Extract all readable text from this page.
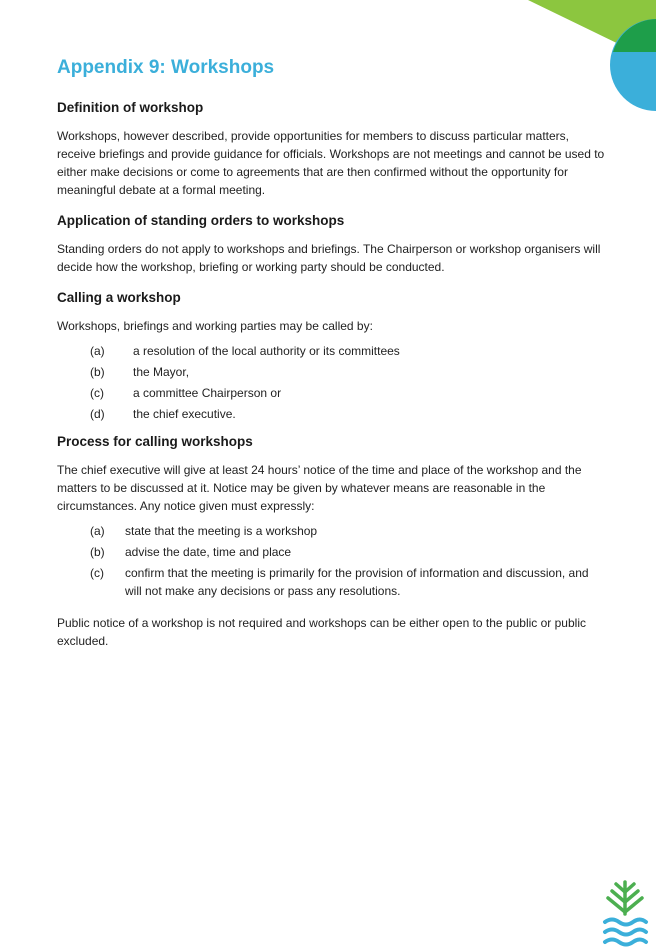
Appendix 9: Workshops
Definition of workshop

Workshops, however described, provide opportunities for members to discuss particular matters, receive briefings and provide guidance for officials. Workshops are not meetings and cannot be used to either make decisions or come to agreements that are then confirmed without the opportunity for meaningful debate at a formal meeting.

Application of standing orders to workshops

Standing orders do not apply to workshops and briefings. The Chairperson or workshop organisers will decide how the workshop, briefing or working party should be conducted.

Calling a workshop

Workshops, briefings and working parties may be called by:

(a)	a resolution of the local authority or its committees
(b)	the Mayor,
(c)	a committee Chairperson or
(d)	the chief executive.
Process for calling workshops

The chief executive will give at least 24 hours’ notice of the time and place of the workshop and the matters to be discussed at it. Notice may be given by whatever means are reasonable in the circumstances. Any notice given must expressly:

(a)	state that the meeting is a workshop
(b)	advise the date, time and place
(c)	confirm that the meeting is primarily for the provision of information and discussion, and will not make any decisions or pass any resolutions.

Public notice of a workshop is not required and workshops can be either open to the public or public excluded.
